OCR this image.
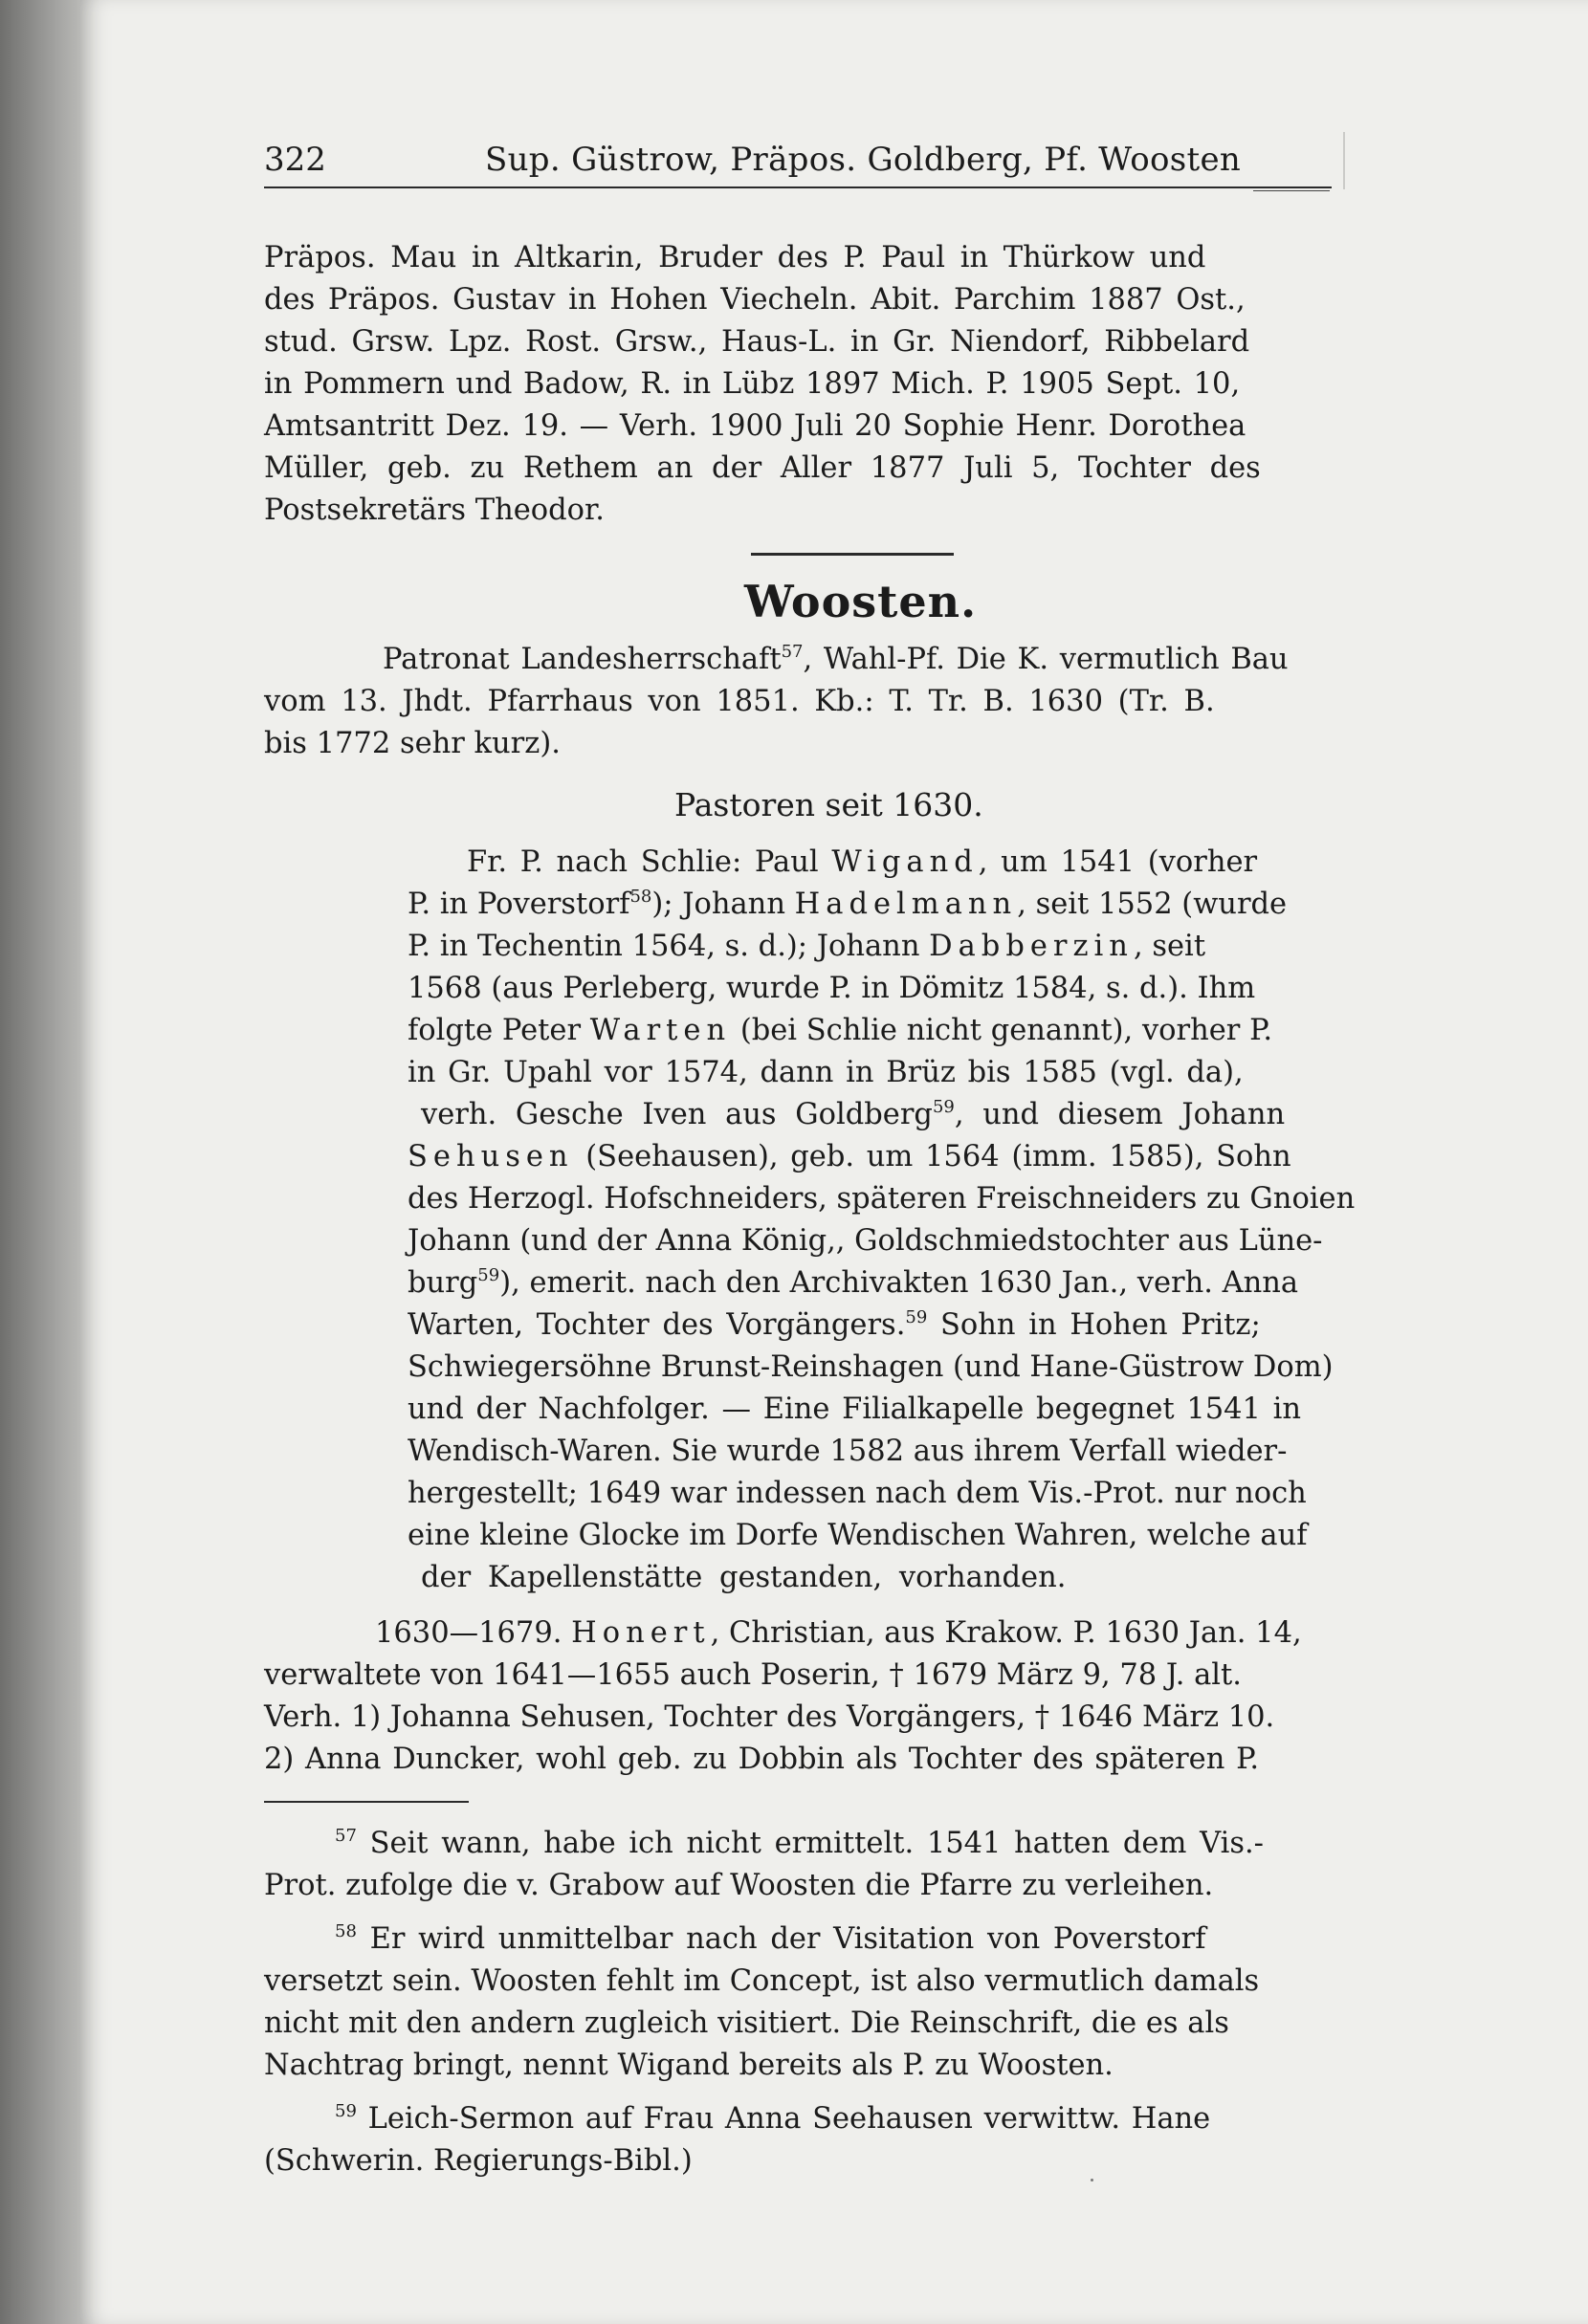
322	Sup. Güstrow, Präpos. Goldberg, Pf. Woosten
Präpos. Mau in Altkarin, Bruder des P. Paul in Thürkow und
des Präpos. Gustav in Hohen Viecheln. Abit. Parchim 1887 Ost.,
stud. Grsw. Lpz. Rost. Grsw., Haus-L. in Gr. Niendorf, Ribbelard
in Pommern und Badow, R. in Lübz 1897 Mich. P. 1905 Sept. 10,
Amtsantritt Dez. 19. — Verh. 1900 Juli 20 Sophie Henr. Dorothea
Müller, geb. zu Rethem an der Aller 1877 Juli 5, Tochter des
Postsekretärs Theodor.
Woosten.
Patronat Landesherrschaft$^{57}$, Wahl-Pf. Die K. vermutlich Bau
vom 13. Jhdt. Pfarrhaus von 1851. Kb.: T. Tr. B. 1630 (Tr. B.
bis 1772 sehr kurz).
Pastoren seit 1630.
Fr. P. nach Schlie: Paul Wigand, um 1541 (vorher
P. in Poverstorf$^{58}$); Johann Hadelmann, seit 1552 (wurde
P. in Techentin 1564, s. d.); Johann Dabberzin, seit
1568 (aus Perleberg, wurde P. in Dömitz 1584, s. d.). Ihm
folgte Peter Warten (bei Schlie nicht genannt), vorher P.
in Gr. Upahl vor 1574, dann in Brüz bis 1585 (vgl. da),
verh. Gesche Iven aus Goldberg$^{59}$, und diesem Johann
Sehusen (Seehausen), geb. um 1564 (imm. 1585), Sohn
des Herzogl. Hofschneiders, späteren Freischneiders zu Gnoien
Johann (und der Anna König,, Goldschmiedstochter aus Lüne-
burg$^{59}$), emerit. nach den Archivakten 1630 Jan., verh. Anna
Warten, Tochter des Vorgängers.$^{59}$ Sohn in Hohen Pritz;
Schwiegersöhne Brunst-Reinshagen (und Hane-Güstrow Dom)
und der Nachfolger. — Eine Filialkapelle begegnet 1541 in
Wendisch-Waren. Sie wurde 1582 aus ihrem Verfall wieder-
hergestellt; 1649 war indessen nach dem Vis.-Prot. nur noch
eine kleine Glocke im Dorfe Wendischen Wahren, welche auf
der Kapellenstätte gestanden, vorhanden.
1630—1679. Honert, Christian, aus Krakow. P. 1630 Jan. 14,
verwaltete von 1641—1655 auch Poserin, † 1679 März 9, 78 J. alt.
Verh. 1) Johanna Sehusen, Tochter des Vorgängers, † 1646 März 10.
2) Anna Duncker, wohl geb. zu Dobbin als Tochter des späteren P.
$^{57}$ Seit wann, habe ich nicht ermittelt. 1541 hatten dem Vis.-
Prot. zufolge die v. Grabow auf Woosten die Pfarre zu verleihen.
$^{58}$ Er wird unmittelbar nach der Visitation von Poverstorf
versetzt sein. Woosten fehlt im Concept, ist also vermutlich damals
nicht mit den andern zugleich visitiert. Die Reinschrift, die es als
Nachtrag bringt, nennt Wigand bereits als P. zu Woosten.
$^{59}$ Leich-Sermon auf Frau Anna Seehausen verwittw. Hane
(Schwerin. Regierungs-Bibl.)
